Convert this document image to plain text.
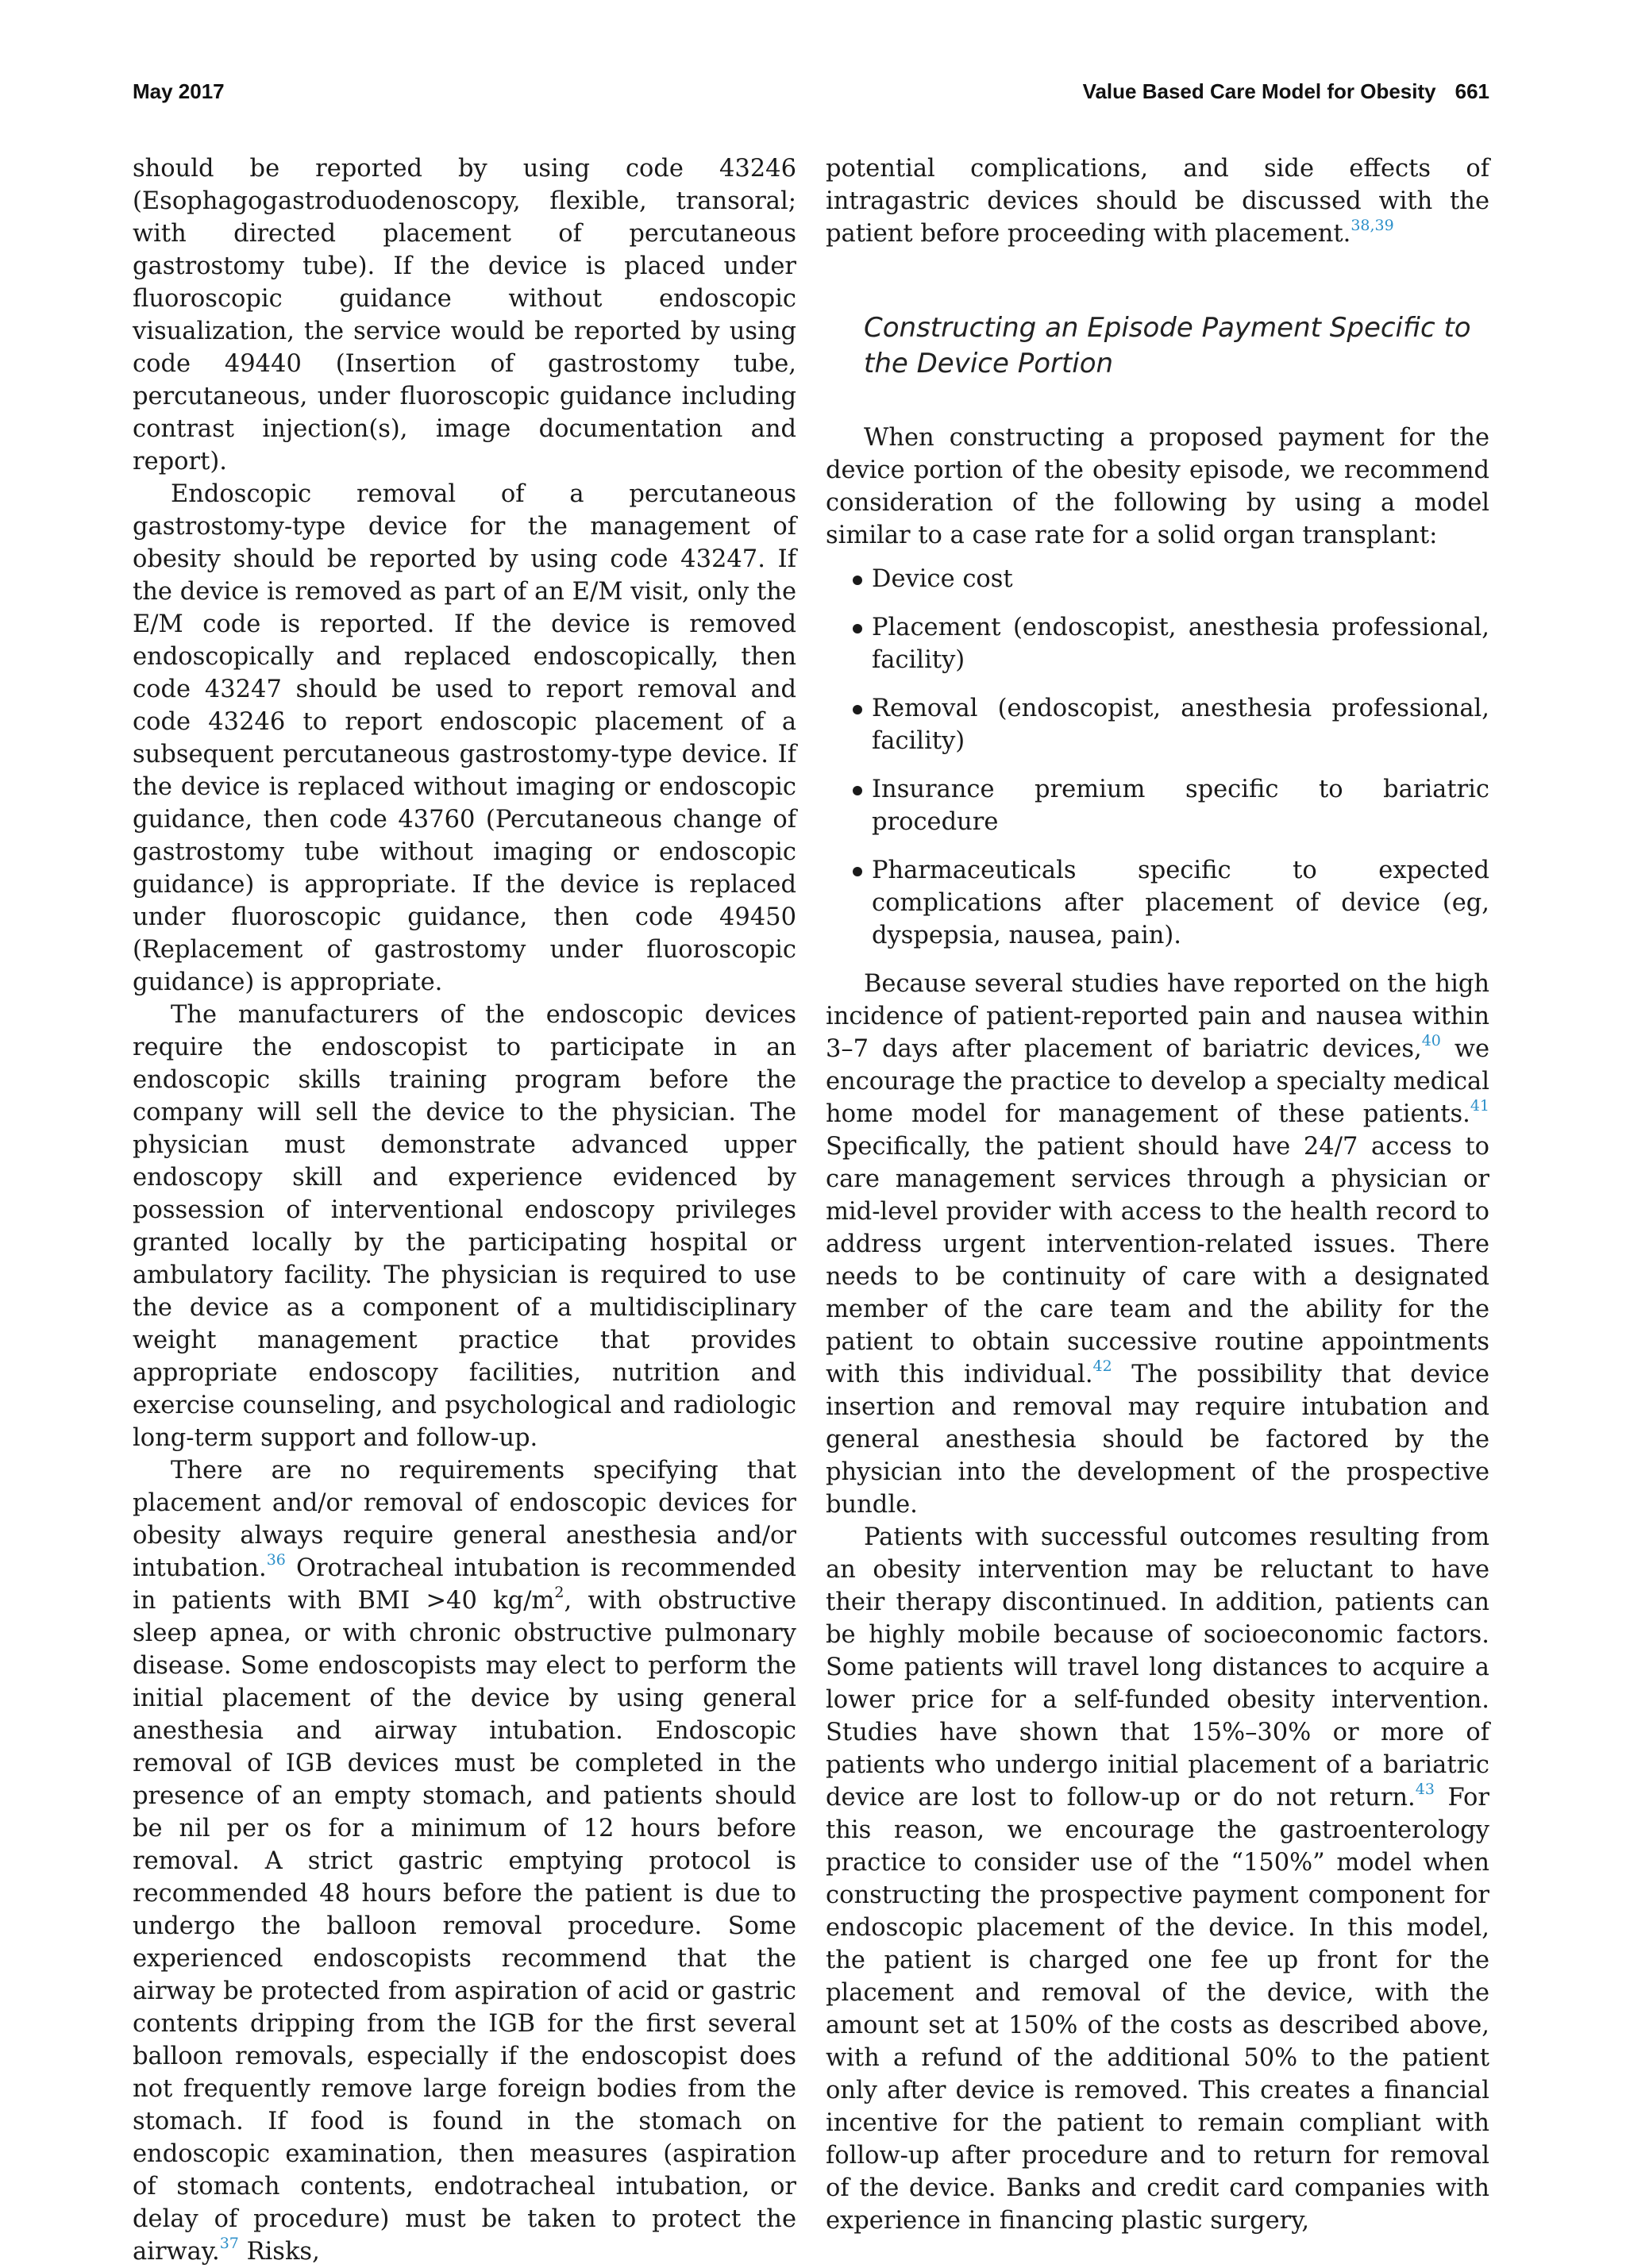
May 2017	Value Based Care Model for Obesity 661

should be reported by using code 43246 (Esophagogastroduodenoscopy, flexible, transoral; with directed placement of percutaneous gastrostomy tube). If the device is placed under fluoroscopic guidance without endoscopic visualization, the service would be reported by using code 49440 (Insertion of gastrostomy tube, percutaneous, under fluoroscopic guidance including contrast injection(s), image documentation and report).

Endoscopic removal of a percutaneous gastrostomy-type device for the management of obesity should be reported by using code 43247. If the device is removed as part of an E/M visit, only the E/M code is reported. If the device is removed endoscopically and replaced endoscopically, then code 43247 should be used to report removal and code 43246 to report endoscopic placement of a subsequent percutaneous gastrostomy-type device. If the device is replaced without imaging or endoscopic guidance, then code 43760 (Percutaneous change of gastrostomy tube without imaging or endoscopic guidance) is appropriate. If the device is replaced under fluoroscopic guidance, then code 49450 (Replacement of gastrostomy under fluoroscopic guidance) is appropriate.

The manufacturers of the endoscopic devices require the endoscopist to participate in an endoscopic skills training program before the company will sell the device to the physician. The physician must demonstrate advanced upper endoscopy skill and experience evidenced by possession of interventional endoscopy privileges granted locally by the participating hospital or ambulatory facility. The physician is required to use the device as a component of a multidisciplinary weight management practice that provides appropriate endoscopy facilities, nutrition and exercise counseling, and psychological and radiologic long-term support and follow-up.

There are no requirements specifying that placement and/or removal of endoscopic devices for obesity always require general anesthesia and/or intubation.$^{36}$ Orotracheal intubation is recommended in patients with BMI >40 $kg/m^2$, with obstructive sleep apnea, or with chronic obstructive pulmonary disease. Some endoscopists may elect to perform the initial placement of the device by using general anesthesia and airway intubation. Endoscopic removal of IGB devices must be completed in the presence of an empty stomach, and patients should be nil per os for a minimum of 12 hours before removal. A strict gastric emptying protocol is recommended 48 hours before the patient is due to undergo the balloon removal procedure. Some experienced endoscopists recommend that the airway be protected from aspiration of acid or gastric contents dripping from the IGB for the first several balloon removals, especially if the endoscopist does not frequently remove large foreign bodies from the stomach. If food is found in the stomach on endoscopic examination, then measures (aspiration of stomach contents, endotracheal intubation, or delay of procedure) must be taken to protect the airway.$^{37}$ Risks,

potential complications, and side effects of intragastric devices should be discussed with the patient before proceeding with placement.$^{38,39}$

Constructing an Episode Payment Specific to the Device Portion

When constructing a proposed payment for the device portion of the obesity episode, we recommend consideration of the following by using a model similar to a case rate for a solid organ transplant:

Device cost
Placement (endoscopist, anesthesia professional, facility)
Removal (endoscopist, anesthesia professional, facility)
Insurance premium specific to bariatric procedure
Pharmaceuticals specific to expected complications after placement of device (eg, dyspepsia, nausea, pain).

Because several studies have reported on the high incidence of patient-reported pain and nausea within 3–7 days after placement of bariatric devices,$^{40}$ we encourage the practice to develop a specialty medical home model for management of these patients.$^{41}$ Specifically, the patient should have 24/7 access to care management services through a physician or mid-level provider with access to the health record to address urgent intervention-related issues. There needs to be continuity of care with a designated member of the care team and the ability for the patient to obtain successive routine appointments with this individual.$^{42}$ The possibility that device insertion and removal may require intubation and general anesthesia should be factored by the physician into the development of the prospective bundle.

Patients with successful outcomes resulting from an obesity intervention may be reluctant to have their therapy discontinued. In addition, patients can be highly mobile because of socioeconomic factors. Some patients will travel long distances to acquire a lower price for a self-funded obesity intervention. Studies have shown that 15%–30% or more of patients who undergo initial placement of a bariatric device are lost to follow-up or do not return.$^{43}$ For this reason, we encourage the gastroenterology practice to consider use of the “150%” model when constructing the prospective payment component for endoscopic placement of the device. In this model, the patient is charged one fee up front for the placement and removal of the device, with the amount set at 150% of the costs as described above, with a refund of the additional 50% to the patient only after device is removed. This creates a financial incentive for the patient to remain compliant with follow-up after procedure and to return for removal of the device. Banks and credit card companies with experience in financing plastic surgery,
